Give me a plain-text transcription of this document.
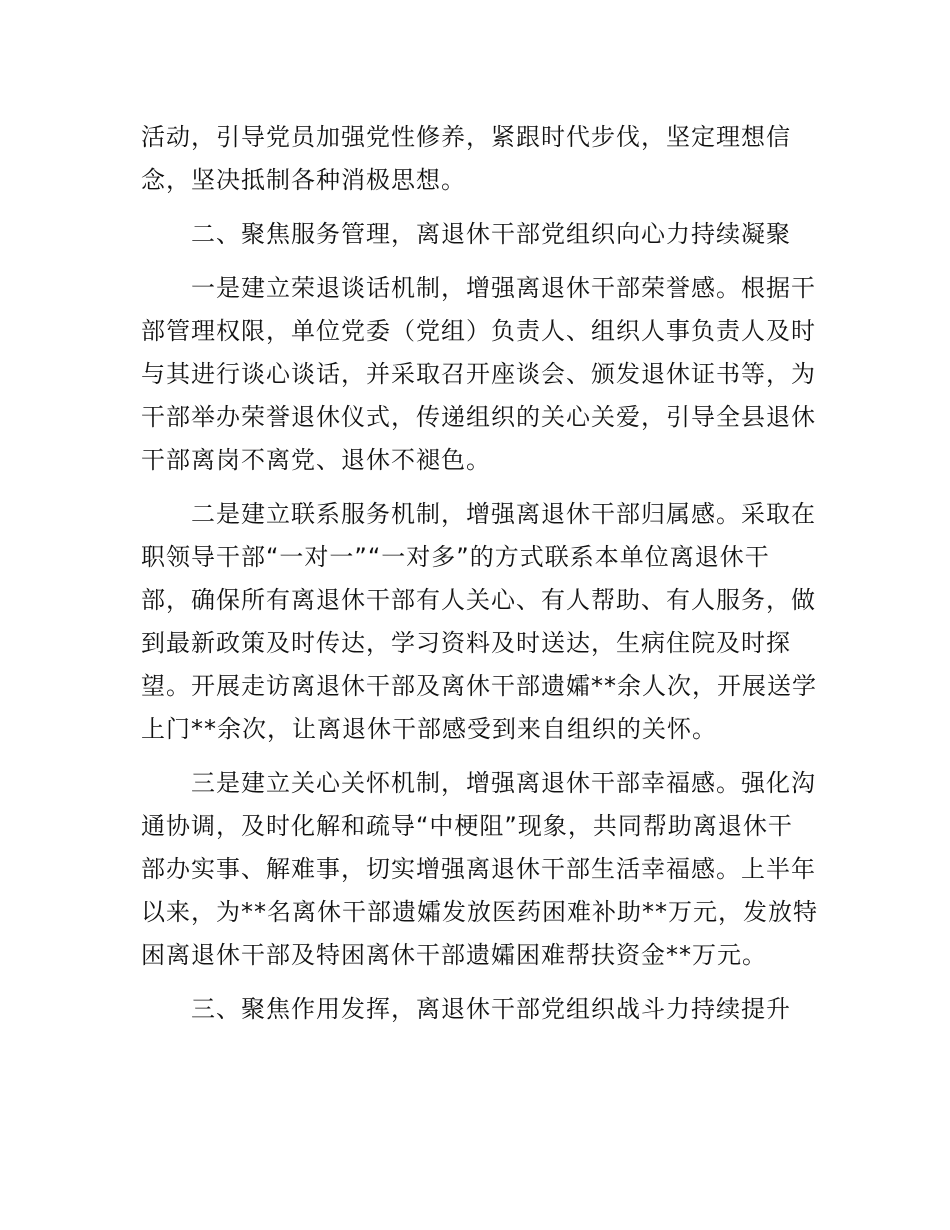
活动，引导党员加强党性修养，紧跟时代步伐，坚定理想信
念，坚决抵制各种消极思想。
　　二、聚焦服务管理，离退休干部党组织向心力持续凝聚
　　一是建立荣退谈话机制，增强离退休干部荣誉感。根据干
部管理权限，单位党委（党组）负责人、组织人事负责人及时
与其进行谈心谈话，并采取召开座谈会、颁发退休证书等，为
干部举办荣誉退休仪式，传递组织的关心关爱，引导全县退休
干部离岗不离党、退休不褪色。
　　二是建立联系服务机制，增强离退休干部归属感。采取在
职领导干部“一对一”“一对多”的方式联系本单位离退休干
部，确保所有离退休干部有人关心、有人帮助、有人服务，做
到最新政策及时传达，学习资料及时送达，生病住院及时探
望。开展走访离退休干部及离休干部遗孀**余人次，开展送学
上门**余次，让离退休干部感受到来自组织的关怀。
　　三是建立关心关怀机制，增强离退休干部幸福感。强化沟
通协调，及时化解和疏导“中梗阻”现象，共同帮助离退休干
部办实事、解难事，切实增强离退休干部生活幸福感。上半年
以来，为**名离休干部遗孀发放医药困难补助**万元，发放特
困离退休干部及特困离休干部遗孀困难帮扶资金**万元。
　　三、聚焦作用发挥，离退休干部党组织战斗力持续提升
